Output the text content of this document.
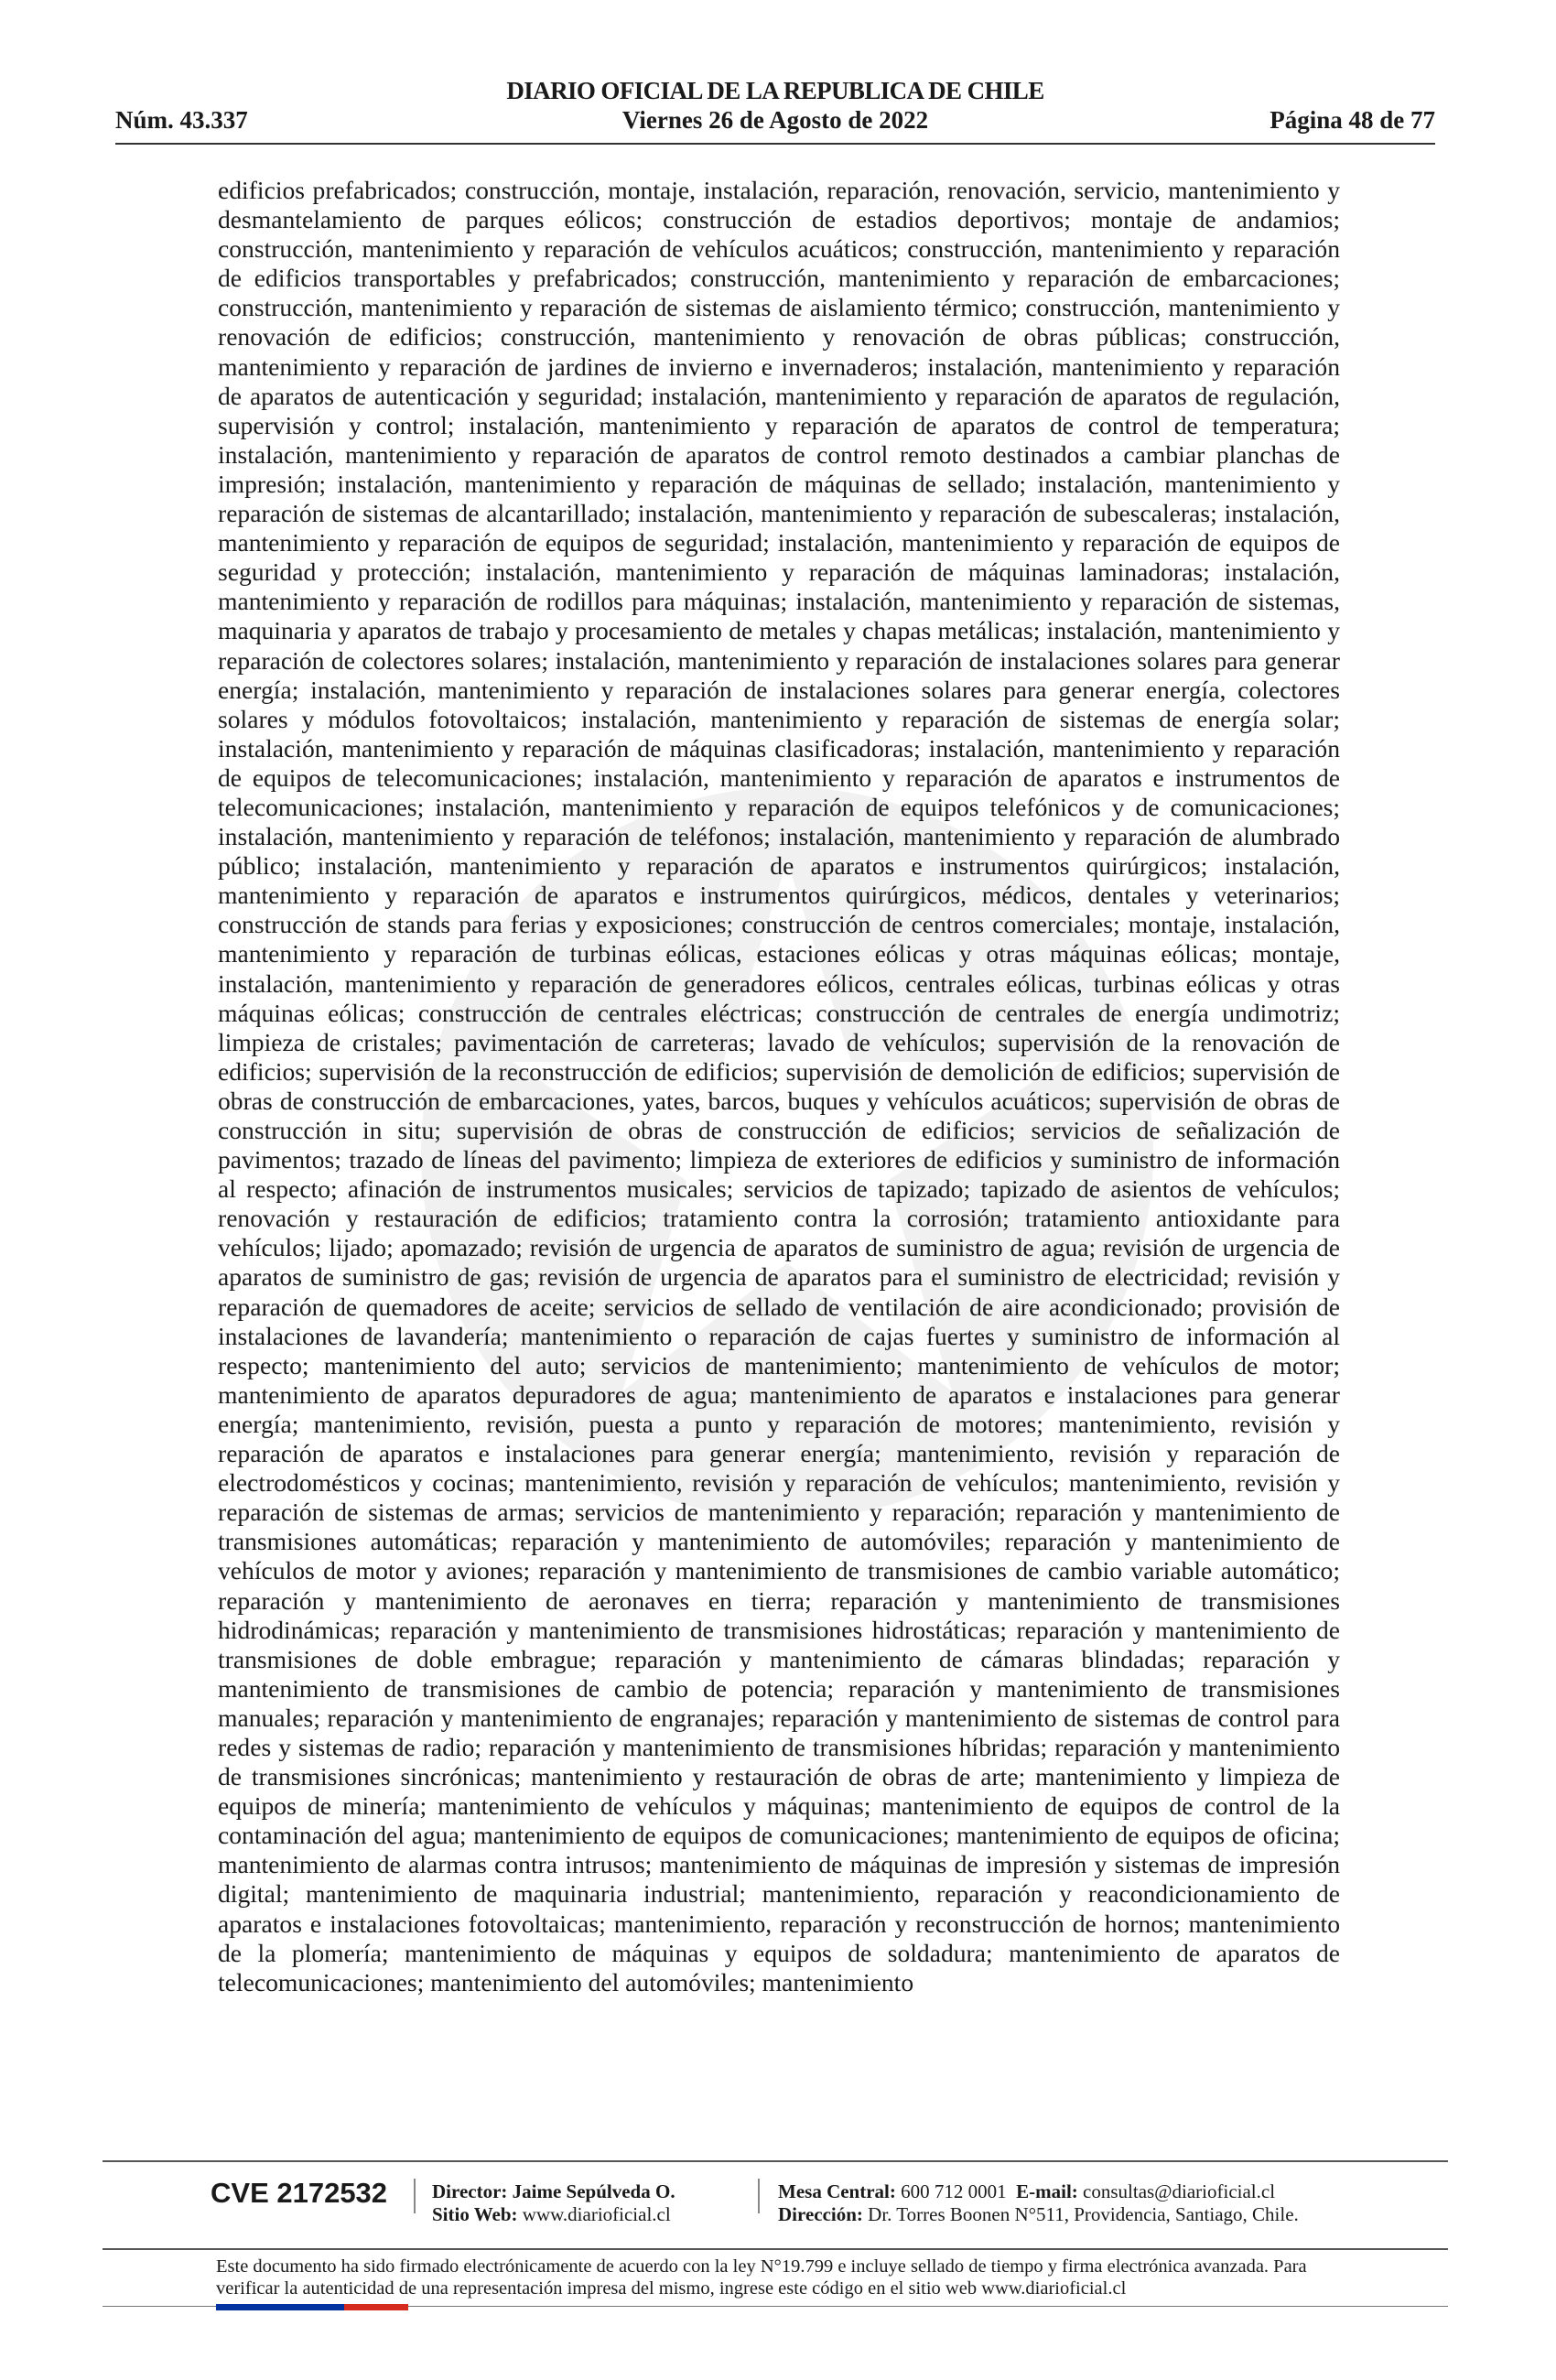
DIARIO OFICIAL DE LA REPUBLICA DE CHILE
Núm. 43.337	Viernes 26 de Agosto de 2022	Página 48 de 77
edificios prefabricados; construcción, montaje, instalación, reparación, renovación, servicio, mantenimiento y desmantelamiento de parques eólicos; construcción de estadios deportivos; montaje de andamios; construcción, mantenimiento y reparación de vehículos acuáticos; construcción, mantenimiento y reparación de edificios transportables y prefabricados; construcción, mantenimiento y reparación de embarcaciones; construcción, mantenimiento y reparación de sistemas de aislamiento térmico; construcción, mantenimiento y renovación de edificios; construcción, mantenimiento y renovación de obras públicas; construcción, mantenimiento y reparación de jardines de invierno e invernaderos; instalación, mantenimiento y reparación de aparatos de autenticación y seguridad; instalación, mantenimiento y reparación de aparatos de regulación, supervisión y control; instalación, mantenimiento y reparación de aparatos de control de temperatura; instalación, mantenimiento y reparación de aparatos de control remoto destinados a cambiar planchas de impresión; instalación, mantenimiento y reparación de máquinas de sellado; instalación, mantenimiento y reparación de sistemas de alcantarillado; instalación, mantenimiento y reparación de subescaleras; instalación, mantenimiento y reparación de equipos de seguridad; instalación, mantenimiento y reparación de equipos de seguridad y protección; instalación, mantenimiento y reparación de máquinas laminadoras; instalación, mantenimiento y reparación de rodillos para máquinas; instalación, mantenimiento y reparación de sistemas, maquinaria y aparatos de trabajo y procesamiento de metales y chapas metálicas; instalación, mantenimiento y reparación de colectores solares; instalación, mantenimiento y reparación de instalaciones solares para generar energía; instalación, mantenimiento y reparación de instalaciones solares para generar energía, colectores solares y módulos fotovoltaicos; instalación, mantenimiento y reparación de sistemas de energía solar; instalación, mantenimiento y reparación de máquinas clasificadoras; instalación, mantenimiento y reparación de equipos de telecomunicaciones; instalación, mantenimiento y reparación de aparatos e instrumentos de telecomunicaciones; instalación, mantenimiento y reparación de equipos telefónicos y de comunicaciones; instalación, mantenimiento y reparación de teléfonos; instalación, mantenimiento y reparación de alumbrado público; instalación, mantenimiento y reparación de aparatos e instrumentos quirúrgicos; instalación, mantenimiento y reparación de aparatos e instrumentos quirúrgicos, médicos, dentales y veterinarios; construcción de stands para ferias y exposiciones; construcción de centros comerciales; montaje, instalación, mantenimiento y reparación de turbinas eólicas, estaciones eólicas y otras máquinas eólicas; montaje, instalación, mantenimiento y reparación de generadores eólicos, centrales eólicas, turbinas eólicas y otras máquinas eólicas; construcción de centrales eléctricas; construcción de centrales de energía undimotriz; limpieza de cristales; pavimentación de carreteras; lavado de vehículos; supervisión de la renovación de edificios; supervisión de la reconstrucción de edificios; supervisión de demolición de edificios; supervisión de obras de construcción de embarcaciones, yates, barcos, buques y vehículos acuáticos; supervisión de obras de construcción in situ; supervisión de obras de construcción de edificios; servicios de señalización de pavimentos; trazado de líneas del pavimento; limpieza de exteriores de edificios y suministro de información al respecto; afinación de instrumentos musicales; servicios de tapizado; tapizado de asientos de vehículos; renovación y restauración de edificios; tratamiento contra la corrosión; tratamiento antioxidante para vehículos; lijado; apomazado; revisión de urgencia de aparatos de suministro de agua; revisión de urgencia de aparatos de suministro de gas; revisión de urgencia de aparatos para el suministro de electricidad; revisión y reparación de quemadores de aceite; servicios de sellado de ventilación de aire acondicionado; provisión de instalaciones de lavandería; mantenimiento o reparación de cajas fuertes y suministro de información al respecto; mantenimiento del auto; servicios de mantenimiento; mantenimiento de vehículos de motor; mantenimiento de aparatos depuradores de agua; mantenimiento de aparatos e instalaciones para generar energía; mantenimiento, revisión, puesta a punto y reparación de motores; mantenimiento, revisión y reparación de aparatos e instalaciones para generar energía; mantenimiento, revisión y reparación de electrodomésticos y cocinas; mantenimiento, revisión y reparación de vehículos; mantenimiento, revisión y reparación de sistemas de armas; servicios de mantenimiento y reparación; reparación y mantenimiento de transmisiones automáticas; reparación y mantenimiento de automóviles; reparación y mantenimiento de vehículos de motor y aviones; reparación y mantenimiento de transmisiones de cambio variable automático; reparación y mantenimiento de aeronaves en tierra; reparación y mantenimiento de transmisiones hidrodinámicas; reparación y mantenimiento de transmisiones hidrostáticas; reparación y mantenimiento de transmisiones de doble embrague; reparación y mantenimiento de cámaras blindadas; reparación y mantenimiento de transmisiones de cambio de potencia; reparación y mantenimiento de transmisiones manuales; reparación y mantenimiento de engranajes; reparación y mantenimiento de sistemas de control para redes y sistemas de radio; reparación y mantenimiento de transmisiones híbridas; reparación y mantenimiento de transmisiones sincrónicas; mantenimiento y restauración de obras de arte; mantenimiento y limpieza de equipos de minería; mantenimiento de vehículos y máquinas; mantenimiento de equipos de control de la contaminación del agua; mantenimiento de equipos de comunicaciones; mantenimiento de equipos de oficina; mantenimiento de alarmas contra intrusos; mantenimiento de máquinas de impresión y sistemas de impresión digital; mantenimiento de maquinaria industrial; mantenimiento, reparación y reacondicionamiento de aparatos e instalaciones fotovoltaicas; mantenimiento, reparación y reconstrucción de hornos; mantenimiento de la plomería; mantenimiento de máquinas y equipos de soldadura; mantenimiento de aparatos de telecomunicaciones; mantenimiento del automóviles; mantenimiento
CVE 2172532 Director: Jaime Sepúlveda O.
Sitio Web: www.diarioficial.cl
Mesa Central: 600 712 0001 E-mail: consultas@diarioficial.cl
Dirección: Dr. Torres Boonen N°511, Providencia, Santiago, Chile.
Este documento ha sido firmado electrónicamente de acuerdo con la ley N°19.799 e incluye sellado de tiempo y firma electrónica avanzada. Para verificar la autenticidad de una representación impresa del mismo, ingrese este código en el sitio web www.diarioficial.cl
